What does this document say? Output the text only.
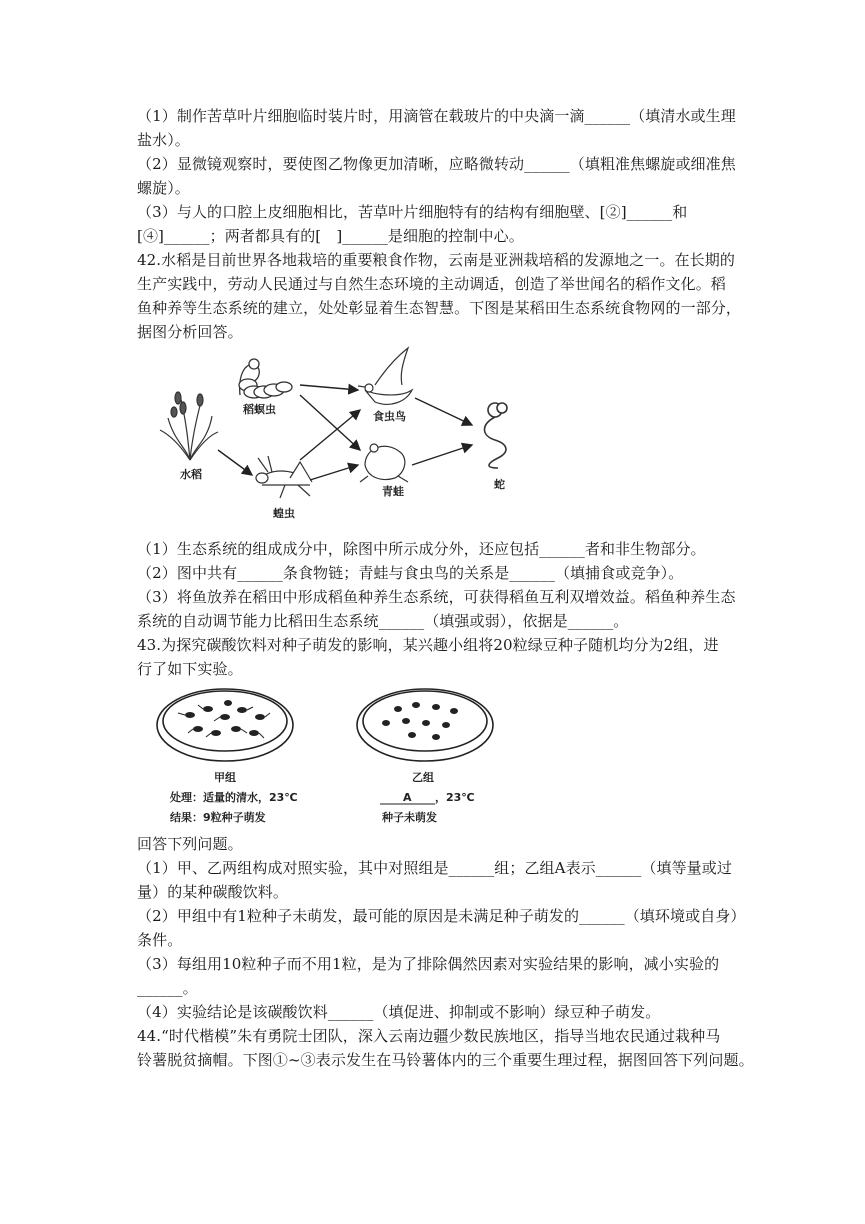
（1）制作苦草叶片细胞临时装片时，用滴管在载玻片的中央滴一滴______（填清水或生理
盐水）。
（2）显微镜观察时，要使图乙物像更加清晰，应略微转动______（填粗准焦螺旋或细准焦
螺旋）。
（3）与人的口腔上皮细胞相比，苦草叶片细胞特有的结构有细胞壁、[②]______和
[④]______；两者都具有的[　]______是细胞的控制中心。
42.水稻是目前世界各地栽培的重要粮食作物，云南是亚洲栽培稻的发源地之一。在长期的
生产实践中，劳动人民通过与自然生态环境的主动调适，创造了举世闻名的稻作文化。稻
鱼种养等生态系统的建立，处处彰显着生态智慧。下图是某稻田生态系统食物网的一部分，
据图分析回答。
水稻
稻螟虫
蝗虫
食虫鸟
青蛙
蛇
（1）生态系统的组成成分中，除图中所示成分外，还应包括______者和非生物部分。
（2）图中共有______条食物链；青蛙与食虫鸟的关系是______（填捕食或竞争）。
（3）将鱼放养在稻田中形成稻鱼种养生态系统，可获得稻鱼互利双增效益。稻鱼种养生态
系统的自动调节能力比稻田生态系统______（填强或弱），依据是______。
43.为探究碳酸饮料对种子萌发的影响，某兴趣小组将20粒绿豆种子随机均分为2组，进
行了如下实验。
甲组
处理：适量的清水，23℃
结果：9粒种子萌发
乙组
A ，23℃
种子未萌发
回答下列问题。
（1）甲、乙两组构成对照实验，其中对照组是______组；乙组A表示______（填等量或过
量）的某种碳酸饮料。
（2）甲组中有1粒种子未萌发，最可能的原因是未满足种子萌发的______（填环境或自身）
条件。
（3）每组用10粒种子而不用1粒，是为了排除偶然因素对实验结果的影响，减小实验的
______。
（4）实验结论是该碳酸饮料______（填促进、抑制或不影响）绿豆种子萌发。
44.“时代楷模”朱有勇院士团队，深入云南边疆少数民族地区，指导当地农民通过栽种马
铃薯脱贫摘帽。下图①~③表示发生在马铃薯体内的三个重要生理过程，据图回答下列问题。
